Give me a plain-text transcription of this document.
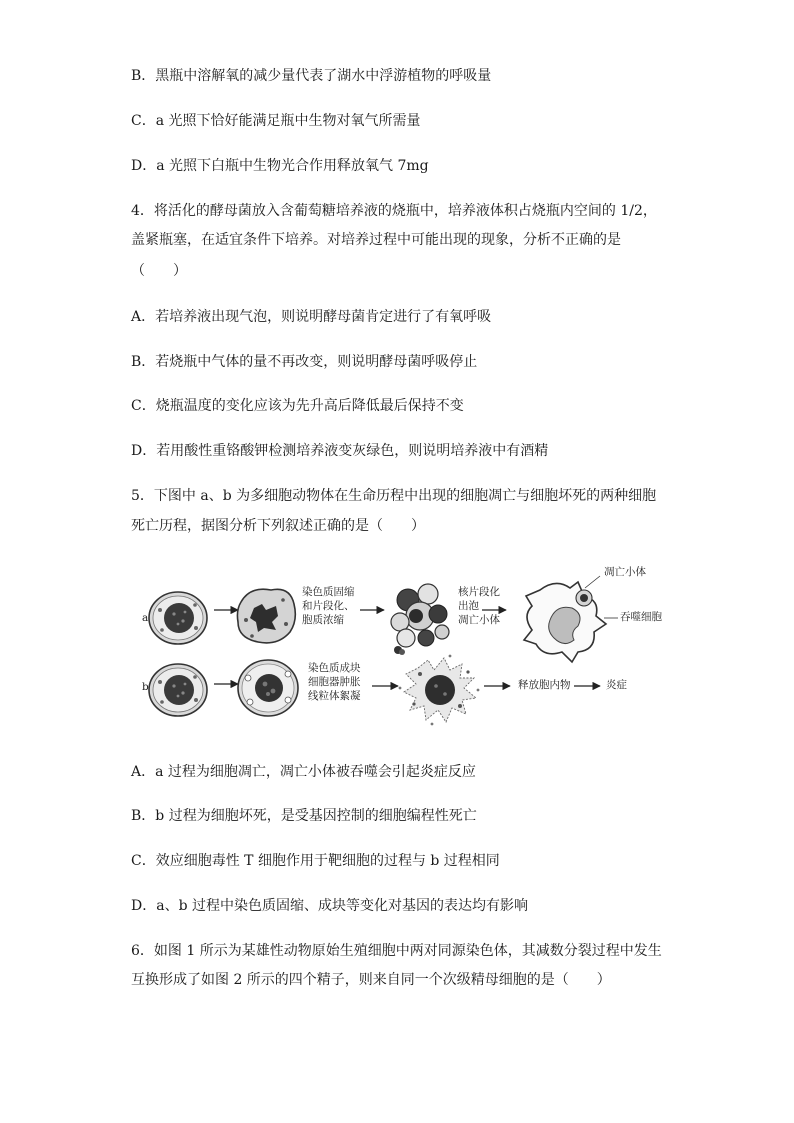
B．黑瓶中溶解氧的减少量代表了湖水中浮游植物的呼吸量

C．a 光照下恰好能满足瓶中生物对氧气所需量

D．a 光照下白瓶中生物光合作用释放氧气 7mg

4．将活化的酵母菌放入含葡萄糖培养液的烧瓶中，培养液体积占烧瓶内空间的 1/2，

盖紧瓶塞，在适宜条件下培养。对培养过程中可能出现的现象，分析不正确的是

（　　）

A．若培养液出现气泡，则说明酵母菌肯定进行了有氧呼吸

B．若烧瓶中气体的量不再改变，则说明酵母菌呼吸停止

C．烧瓶温度的变化应该为先升高后降低最后保持不变

D．若用酸性重铬酸钾检测培养液变灰绿色，则说明培养液中有酒精

5．下图中 a、b 为多细胞动物体在生命历程中出现的细胞凋亡与细胞坏死的两种细胞

死亡历程，据图分析下列叙述正确的是（　　）

a
b
染色质固缩
和片段化、
胞质浓缩
核片段化
出泡
凋亡小体
凋亡小体
吞噬细胞
染色质成块
细胞器肿胀
线粒体絮凝
释放胞内物	炎症

A．a 过程为细胞凋亡，凋亡小体被吞噬会引起炎症反应

B．b 过程为细胞坏死，是受基因控制的细胞编程性死亡

C．效应细胞毒性 T 细胞作用于靶细胞的过程与 b 过程相同

D．a、b 过程中染色质固缩、成块等变化对基因的表达均有影响

6．如图 1 所示为某雄性动物原始生殖细胞中两对同源染色体，其减数分裂过程中发生

互换形成了如图 2 所示的四个精子，则来自同一个次级精母细胞的是（　　）
